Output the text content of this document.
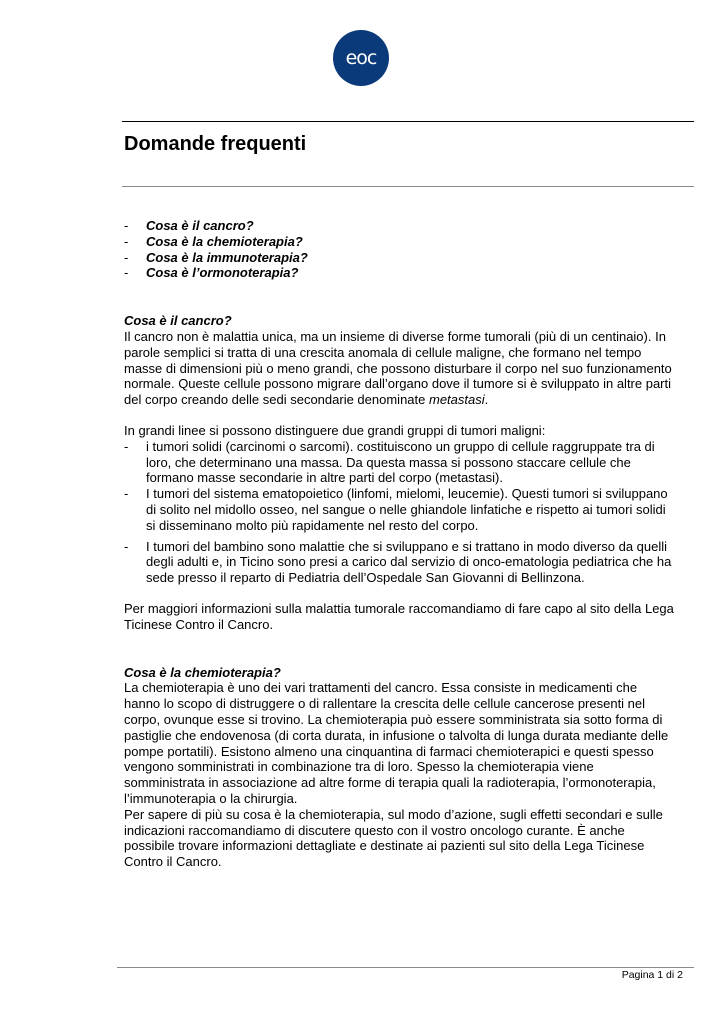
eoc
Domande frequenti
- Cosa è il cancro?
- Cosa è la chemioterapia?
- Cosa è la immunoterapia?
- Cosa è l’ormonoterapia?

Cosa è il cancro?

Il cancro non è malattia unica, ma un insieme di diverse forme tumorali (più di un centinaio). In parole semplici si tratta di una crescita anomala di cellule maligne, che formano nel tempo masse di dimensioni più o meno grandi, che possono disturbare il corpo nel suo funzionamento normale. Queste cellule possono migrare dall’organo dove il tumore si è sviluppato in altre parti del corpo creando delle sedi secondarie denominate metastasi.

In grandi linee si possono distinguere due grandi gruppi di tumori maligni:

- i tumori solidi (carcinomi o sarcomi). costituiscono un gruppo di cellule raggruppate tra di loro, che determinano una massa. Da questa massa si possono staccare cellule che formano masse secondarie in altre parti del corpo (metastasi).
- I tumori del sistema ematopoietico (linfomi, mielomi, leucemie). Questi tumori si sviluppano di solito nel midollo osseo, nel sangue o nelle ghiandole linfatiche e rispetto ai tumori solidi si disseminano molto più rapidamente nel resto del corpo.
- I tumori del bambino sono malattie che si sviluppano e si trattano in modo diverso da quelli degli adulti e, in Ticino sono presi a carico dal servizio di onco-ematologia pediatrica che ha sede presso il reparto di Pediatria dell’Ospedale San Giovanni di Bellinzona.

Per maggiori informazioni sulla malattia tumorale raccomandiamo di fare capo al sito della Lega Ticinese Contro il Cancro.

Cosa è la chemioterapia?

La chemioterapia è uno dei vari trattamenti del cancro. Essa consiste in medicamenti che hanno lo scopo di distruggere o di rallentare la crescita delle cellule cancerose presenti nel corpo, ovunque esse si trovino. La chemioterapia può essere somministrata sia sotto forma di pastiglie che endovenosa (di corta durata, in infusione o talvolta di lunga durata mediante delle pompe portatili). Esistono almeno una cinquantina di farmaci chemioterapici e questi spesso vengono somministrati in combinazione tra di loro. Spesso la chemioterapia viene somministrata in associazione ad altre forme di terapia quali la radioterapia, l’ormonoterapia, l’immunoterapia o la chirurgia.

Per sapere di più su cosa è la chemioterapia, sul modo d’azione, sugli effetti secondari e sulle indicazioni raccomandiamo di discutere questo con il vostro oncologo curante. È anche possibile trovare informazioni dettagliate e destinate ai pazienti sul sito della Lega Ticinese Contro il Cancro.

Pagina 1 di 2
